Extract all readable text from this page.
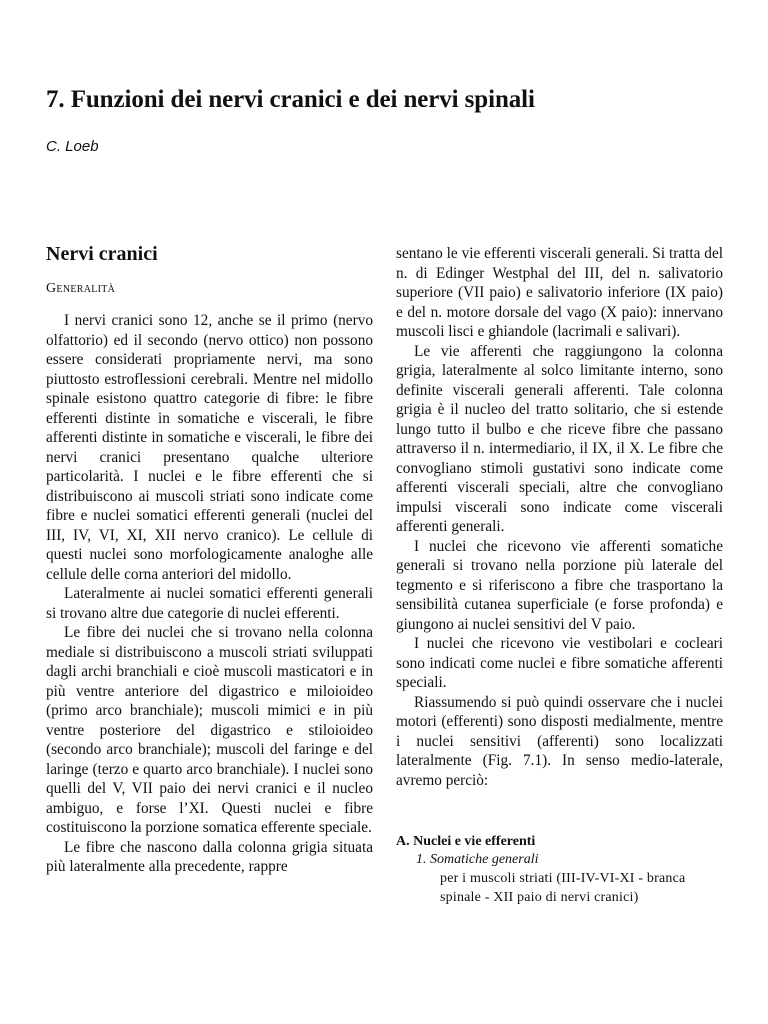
7. Funzioni dei nervi cranici e dei nervi spinali
C. Loeb
Nervi cranici
Generalità

I nervi cranici sono 12, anche se il primo (nervo olfattorio) ed il secondo (nervo ottico) non possono essere considerati propriamente nervi, ma sono piuttosto estroflessioni cerebrali. Mentre nel midollo spinale esistono quattro categorie di fibre: le fibre efferenti distinte in somatiche e viscerali, le fibre afferenti distinte in somatiche e viscerali, le fibre dei nervi cranici presentano qualche ulteriore particolarità. I nuclei e le fibre efferenti che si distribuiscono ai muscoli striati sono indicate come fibre e nuclei somatici efferenti generali (nuclei del III, IV, VI, XI, XII nervo cranico). Le cellule di questi nuclei sono morfologicamente analoghe alle cellule delle corna anteriori del midollo.

Lateralmente ai nuclei somatici efferenti generali si trovano altre due categorie di nuclei efferenti.

Le fibre dei nuclei che si trovano nella colonna mediale si distribuiscono a muscoli striati sviluppati dagli archi branchiali e cioè muscoli masticatori e in più ventre anteriore del digastrico e miloioideo (primo arco branchiale); muscoli mimici e in più ventre posteriore del digastrico e stiloioideo (secondo arco branchiale); muscoli del faringe e del laringe (terzo e quarto arco branchiale). I nuclei sono quelli del V, VII paio dei nervi cranici e il nucleo ambiguo, e forse l’XI. Questi nuclei e fibre costituiscono la porzione somatica efferente speciale.

Le fibre che nascono dalla colonna grigia situata più lateralmente alla precedente, rappre

sentano le vie efferenti viscerali generali. Si tratta del n. di Edinger Westphal del III, del n. salivatorio superiore (VII paio) e salivatorio inferiore (IX paio) e del n. motore dorsale del vago (X paio): innervano muscoli lisci e ghiandole (lacrimali e salivari).

Le vie afferenti che raggiungono la colonna grigia, lateralmente al solco limitante interno, sono definite viscerali generali afferenti. Tale colonna grigia è il nucleo del tratto solitario, che si estende lungo tutto il bulbo e che riceve fibre che passano attraverso il n. intermediario, il IX, il X. Le fibre che convogliano stimoli gustativi sono indicate come afferenti viscerali speciali, altre che convogliano impulsi viscerali sono indicate come viscerali afferenti generali.

I nuclei che ricevono vie afferenti somatiche generali si trovano nella porzione più laterale del tegmento e si riferiscono a fibre che trasportano la sensibilità cutanea superficiale (e forse profonda) e giungono ai nuclei sensitivi del V paio.

I nuclei che ricevono vie vestibolari e cocleari sono indicati come nuclei e fibre somatiche afferenti speciali.

Riassumendo si può quindi osservare che i nuclei motori (efferenti) sono disposti medialmente, mentre i nuclei sensitivi (afferenti) sono localizzati lateralmente (Fig. 7.1). In senso medio-laterale, avremo perciò:

A. Nuclei e vie efferenti
1. Somatiche generali
per i muscoli striati (III-IV-VI-XI - branca
spinale - XII paio di nervi cranici)
